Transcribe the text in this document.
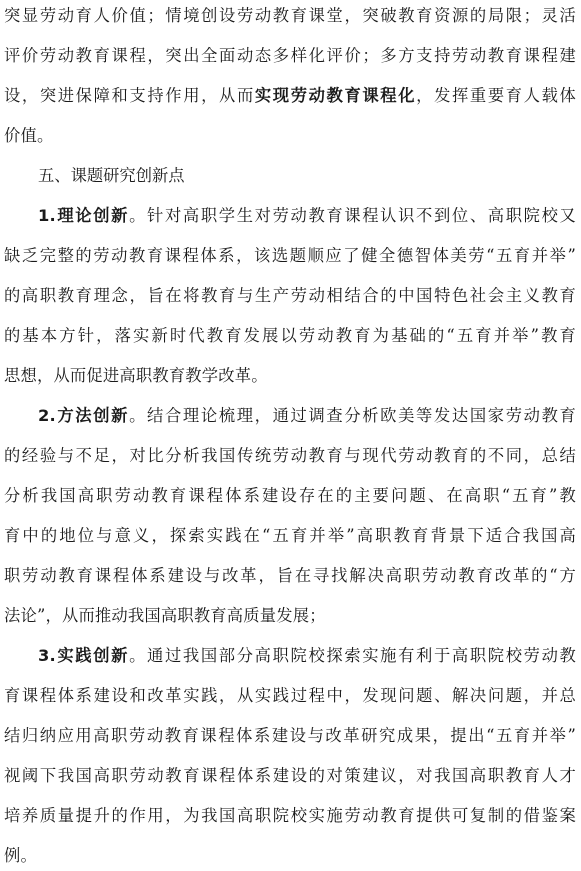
突显劳动育人价值；情境创设劳动教育课堂，突破教育资源的局限；灵活
评价劳动教育课程，突出全面动态多样化评价；多方支持劳动教育课程建
设，突进保障和支持作用，从而实现劳动教育课程化，发挥重要育人载体
价值。
五、课题研究创新点
1.理论创新。针对高职学生对劳动教育课程认识不到位、高职院校又
缺乏完整的劳动教育课程体系，该选题顺应了健全德智体美劳“五育并举”
的高职教育理念，旨在将教育与生产劳动相结合的中国特色社会主义教育
的基本方针，落实新时代教育发展以劳动教育为基础的“五育并举”教育
思想，从而促进高职教育教学改革。
2.方法创新。结合理论梳理，通过调查分析欧美等发达国家劳动教育
的经验与不足，对比分析我国传统劳动教育与现代劳动教育的不同，总结
分析我国高职劳动教育课程体系建设存在的主要问题、在高职“五育”教
育中的地位与意义，探索实践在“五育并举”高职教育背景下适合我国高
职劳动教育课程体系建设与改革，旨在寻找解决高职劳动教育改革的“方
法论”，从而推动我国高职教育高质量发展；
3.实践创新。通过我国部分高职院校探索实施有利于高职院校劳动教
育课程体系建设和改革实践，从实践过程中，发现问题、解决问题，并总
结归纳应用高职劳动教育课程体系建设与改革研究成果，提出“五育并举”
视阈下我国高职劳动教育课程体系建设的对策建议，对我国高职教育人才
培养质量提升的作用，为我国高职院校实施劳动教育提供可复制的借鉴案
例。
